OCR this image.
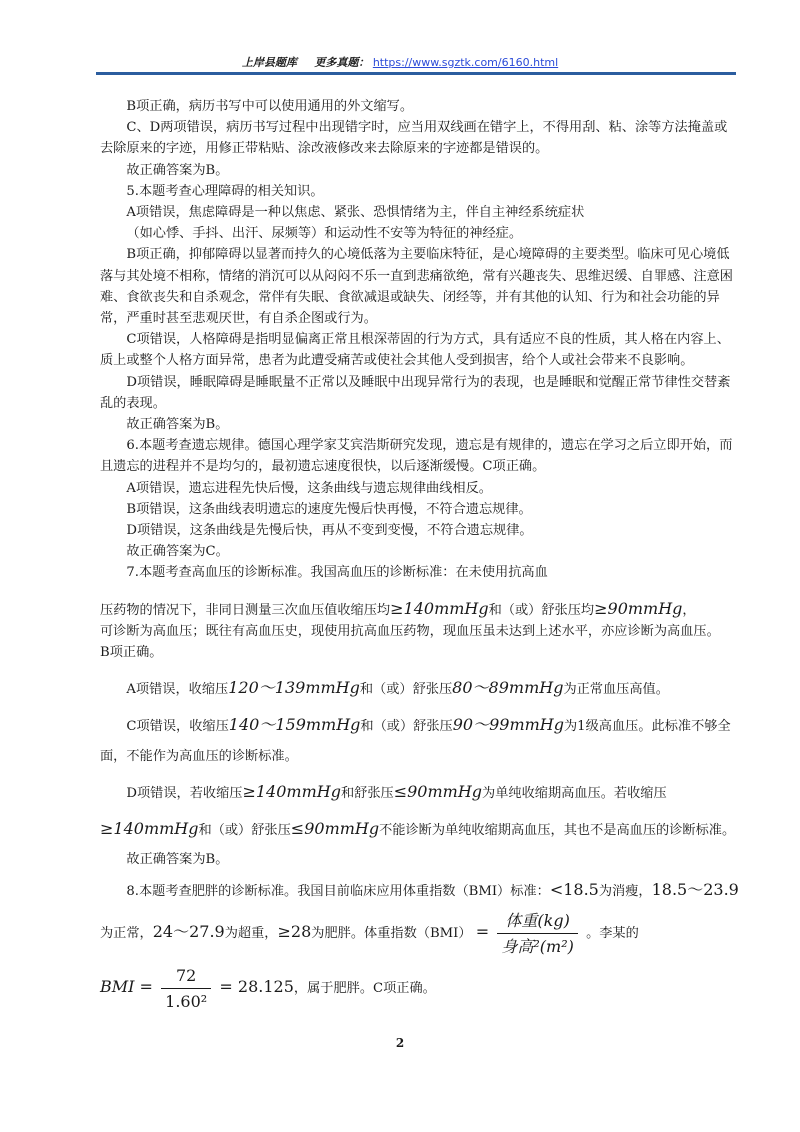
上岸县题库 更多真题： https://www.sgztk.com/6160.html

B项正确，病历书写中可以使用通用的外文缩写。

C、D两项错误，病历书写过程中出现错字时，应当用双线画在错字上，不得用刮、粘、涂等方法掩盖或去除原来的字迹，用修正带粘贴、涂改液修改来去除原来的字迹都是错误的。

故正确答案为B。

5.本题考查心理障碍的相关知识。

A项错误，焦虑障碍是一种以焦虑、紧张、恐惧情绪为主，伴自主神经系统症状

（如心悸、手抖、出汗、尿频等）和运动性不安等为特征的神经症。

B项正确，抑郁障碍以显著而持久的心境低落为主要临床特征，是心境障碍的主要类型。临床可见心境低落与其处境不相称，情绪的消沉可以从闷闷不乐一直到悲痛欲绝，常有兴趣丧失、思维迟缓、自罪感、注意困难、食欲丧失和自杀观念，常伴有失眠、食欲减退或缺失、闭经等，并有其他的认知、行为和社会功能的异常，严重时甚至悲观厌世，有自杀企图或行为。

C项错误，人格障碍是指明显偏离正常且根深蒂固的行为方式，具有适应不良的性质，其人格在内容上、质上或整个人格方面异常，患者为此遭受痛苦或使社会其他人受到损害，给个人或社会带来不良影响。

D项错误，睡眠障碍是睡眠量不正常以及睡眠中出现异常行为的表现，也是睡眠和觉醒正常节律性交替紊乱的表现。

故正确答案为B。

6.本题考查遗忘规律。德国心理学家艾宾浩斯研究发现，遗忘是有规律的，遗忘在学习之后立即开始，而且遗忘的进程并不是均匀的，最初遗忘速度很快，以后逐渐缓慢。C项正确。

A项错误，遗忘进程先快后慢，这条曲线与遗忘规律曲线相反。

B项错误，这条曲线表明遗忘的速度先慢后快再慢，不符合遗忘规律。

D项错误，这条曲线是先慢后快，再从不变到变慢，不符合遗忘规律。

故正确答案为C。

7.本题考查高血压的诊断标准。我国高血压的诊断标准：在未使用抗高血

压药物的情况下，非同日测量三次血压值收缩压均≥140mmHg和（或）舒张压均≥90mmHg，

可诊断为高血压；既往有高血压史，现使用抗高血压药物，现血压虽未达到上述水平，亦应诊断为高血压。

B项正确。

A项错误，收缩压120～139mmHg和（或）舒张压80～89mmHg为正常血压高值。

C项错误，收缩压140～159mmHg和（或）舒张压90～99mmHg为1级高血压。此标准不够全

面，不能作为高血压的诊断标准。

D项错误，若收缩压≥140mmHg和舒张压≤90mmHg为单纯收缩期高血压。若收缩压

≥140mmHg和（或）舒张压≤90mmHg不能诊断为单纯收缩期高血压，其也不是高血压的诊断标准。

故正确答案为B。

8.本题考查肥胖的诊断标准。我国目前临床应用体重指数（BMI）标准：<18.5为消瘦，18.5～23.9

为正常，24～27.9为超重，≥28为肥胖。体重指数$(BMI) = \frac{\text{体重(kg)}}{\text{身高²(m²)}}$ 。李某的

BMI = $\frac{72}{\text{1.60²}} = 28.125$，属于肥胖。C项正确。

2
